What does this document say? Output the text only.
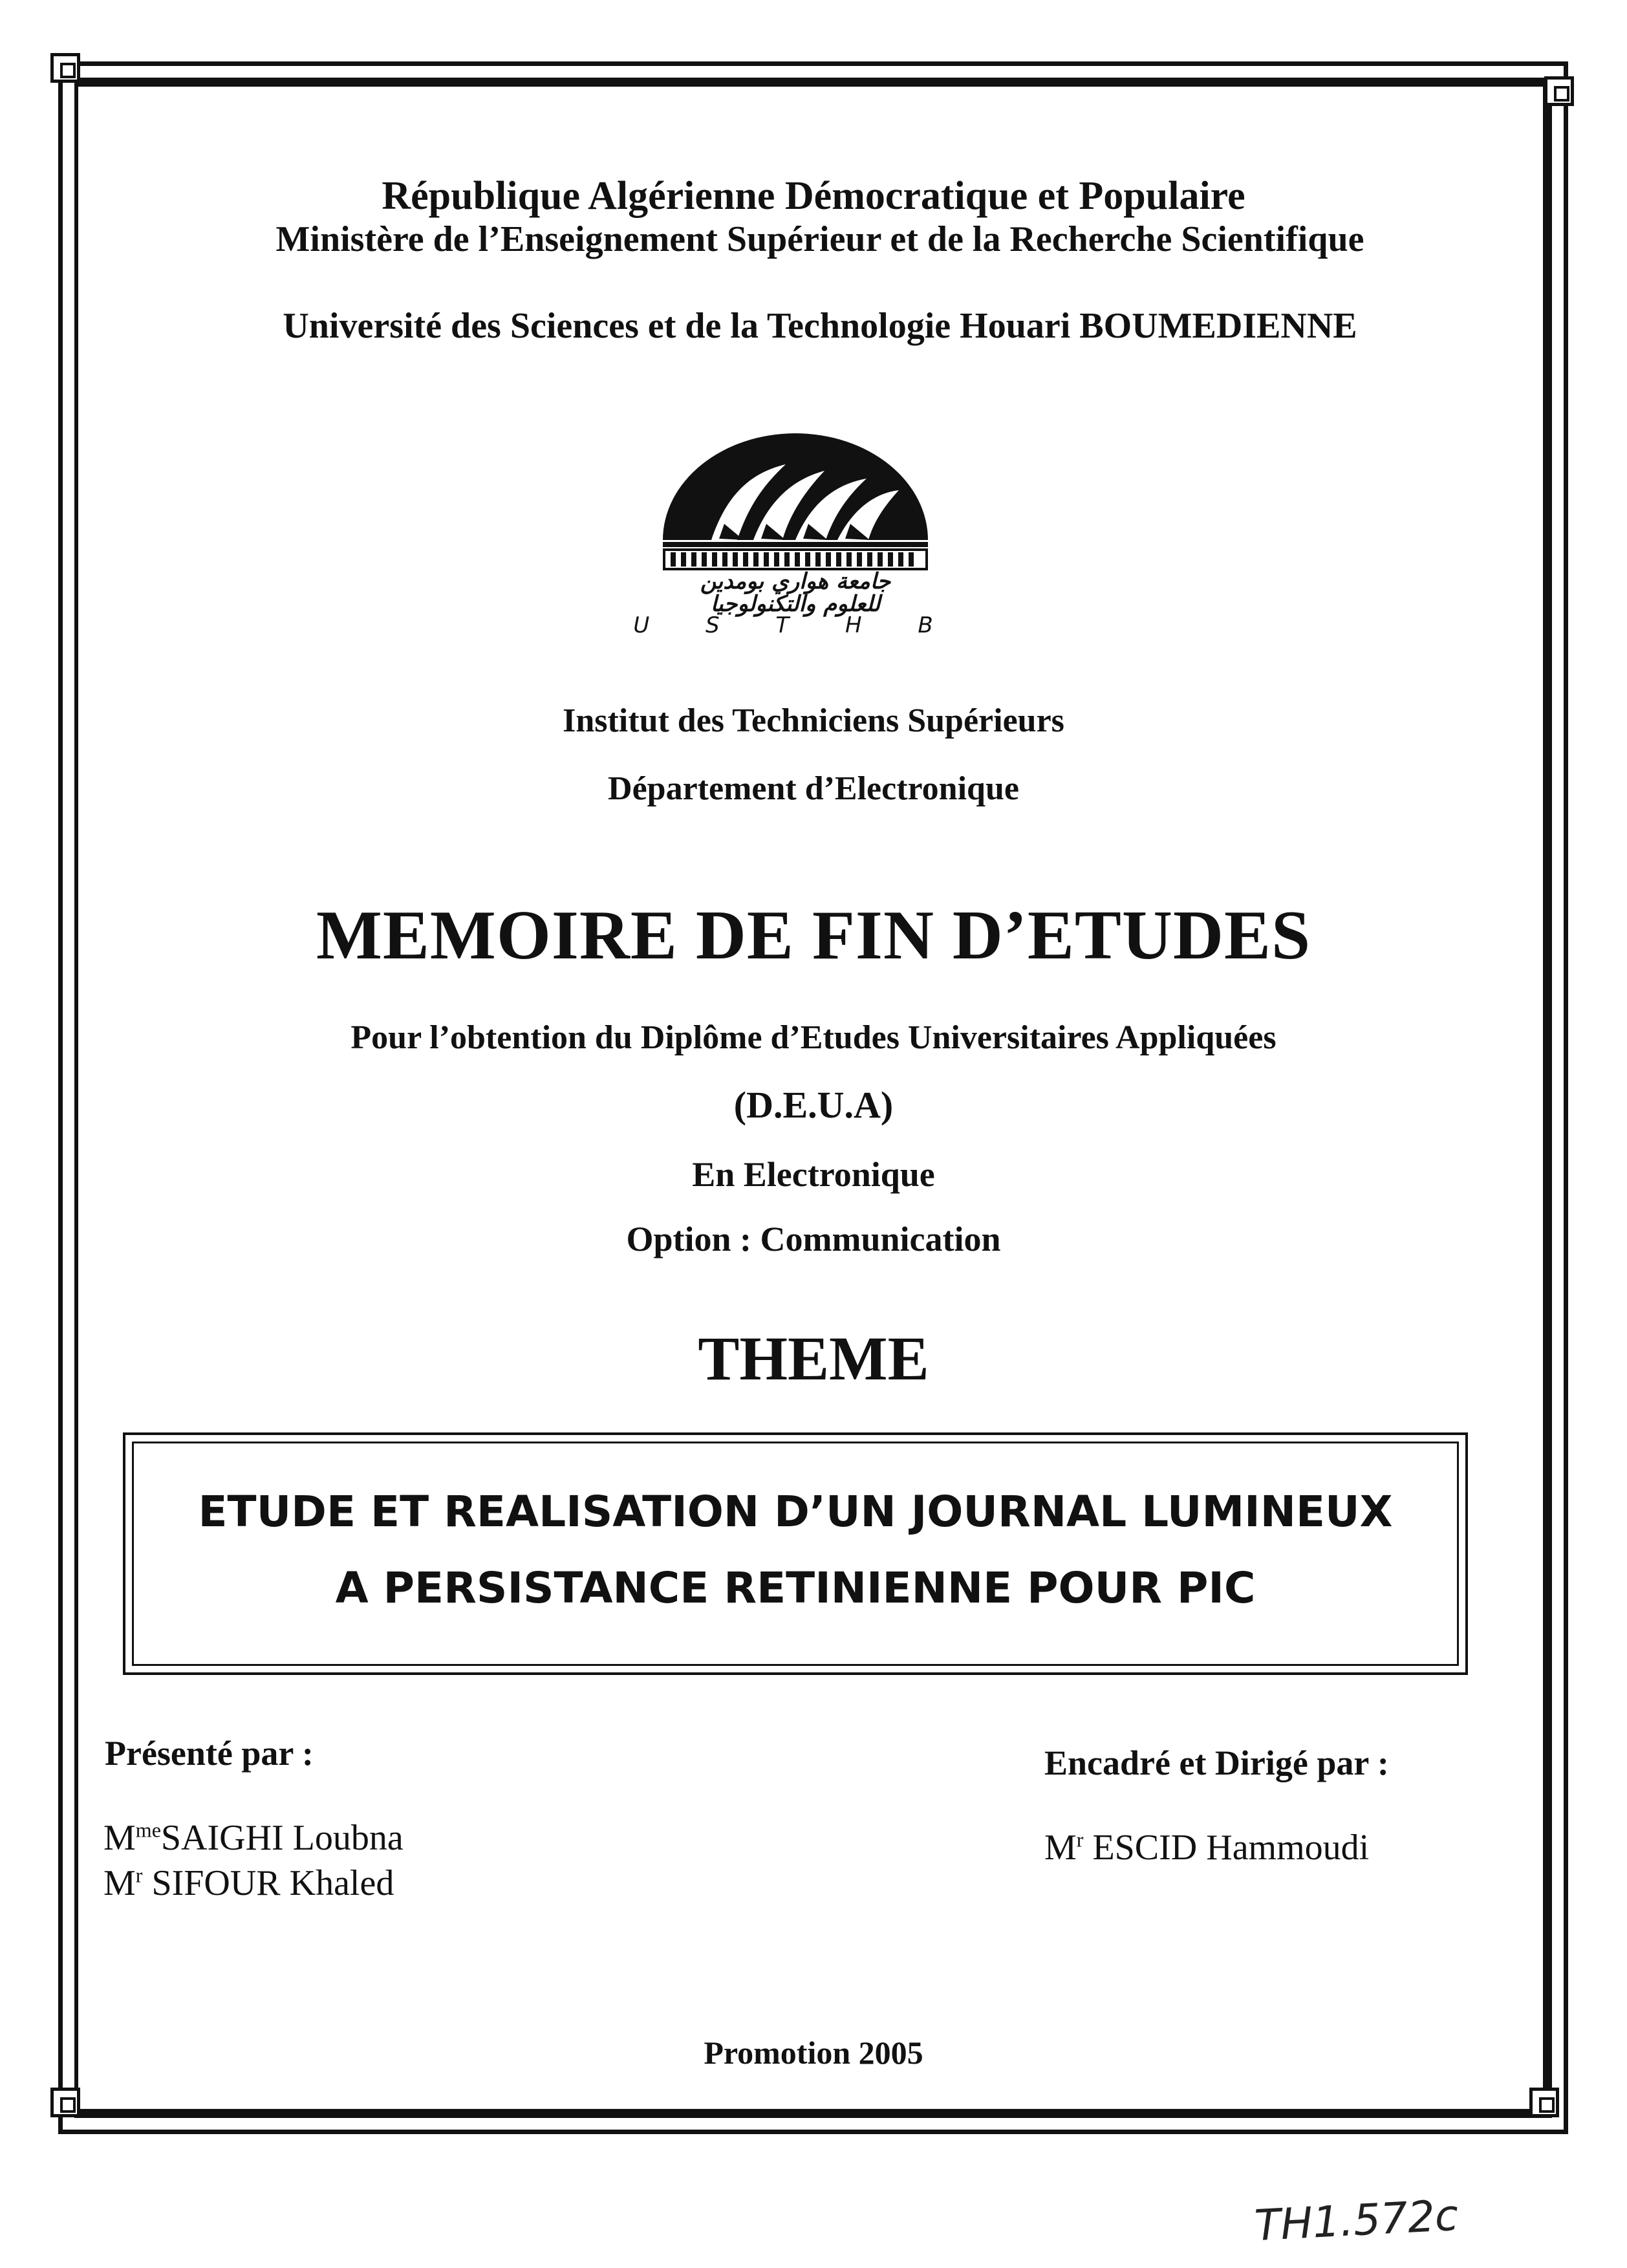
République Algérienne Démocratique et Populaire
Ministère de l’Enseignement Supérieur et de la Recherche Scientifique
Université des Sciences et de la Technologie Houari BOUMEDIENNE
جامعة هواري بومدين
للعلوم والتكنولوجيا
U S T H B
Institut des Techniciens Supérieurs
Département d’Electronique
MEMOIRE DE FIN D’ETUDES
Pour l’obtention du Diplôme d’Etudes Universitaires Appliquées
(D.E.U.A)
En Electronique
Option : Communication
THEME
ETUDE ET REALISATION D’UN JOURNAL LUMINEUX
A PERSISTANCE RETINIENNE POUR PIC
Présenté par :
$M^{me}SAIGHI$ Loubna
$M^r$ SIFOUR Khaled
Encadré et Dirigé par :
$M^r$ ESCID Hammoudi
Promotion 2005
TH1.572c
